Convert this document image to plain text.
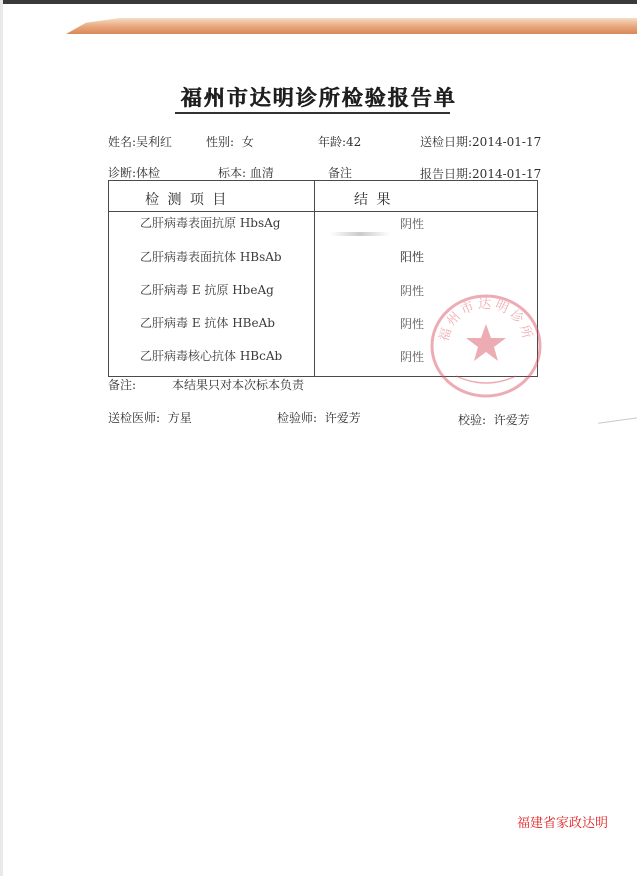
福州市达明诊所检验报告单
姓名:吴利红	性别: 女	年龄:42	送检日期:2014-01-17
诊断:体检	标本: 血清	备注	报告日期:2014-01-17
检 测 项 目	结 果
乙肝病毒表面抗原 HbsAg	阴性
乙肝病毒表面抗体 HBsAb	阳性
乙肝病毒 E 抗原 HbeAg	阴性
乙肝病毒 E 抗体 HBeAb	阴性
乙肝病毒核心抗体 HBcAb	阴性
福州市达明诊所
备注:	本结果只对本次标本负责
送检医师: 方星	检验师: 许爱芳	校验: 许爱芳
福建省家政达明
